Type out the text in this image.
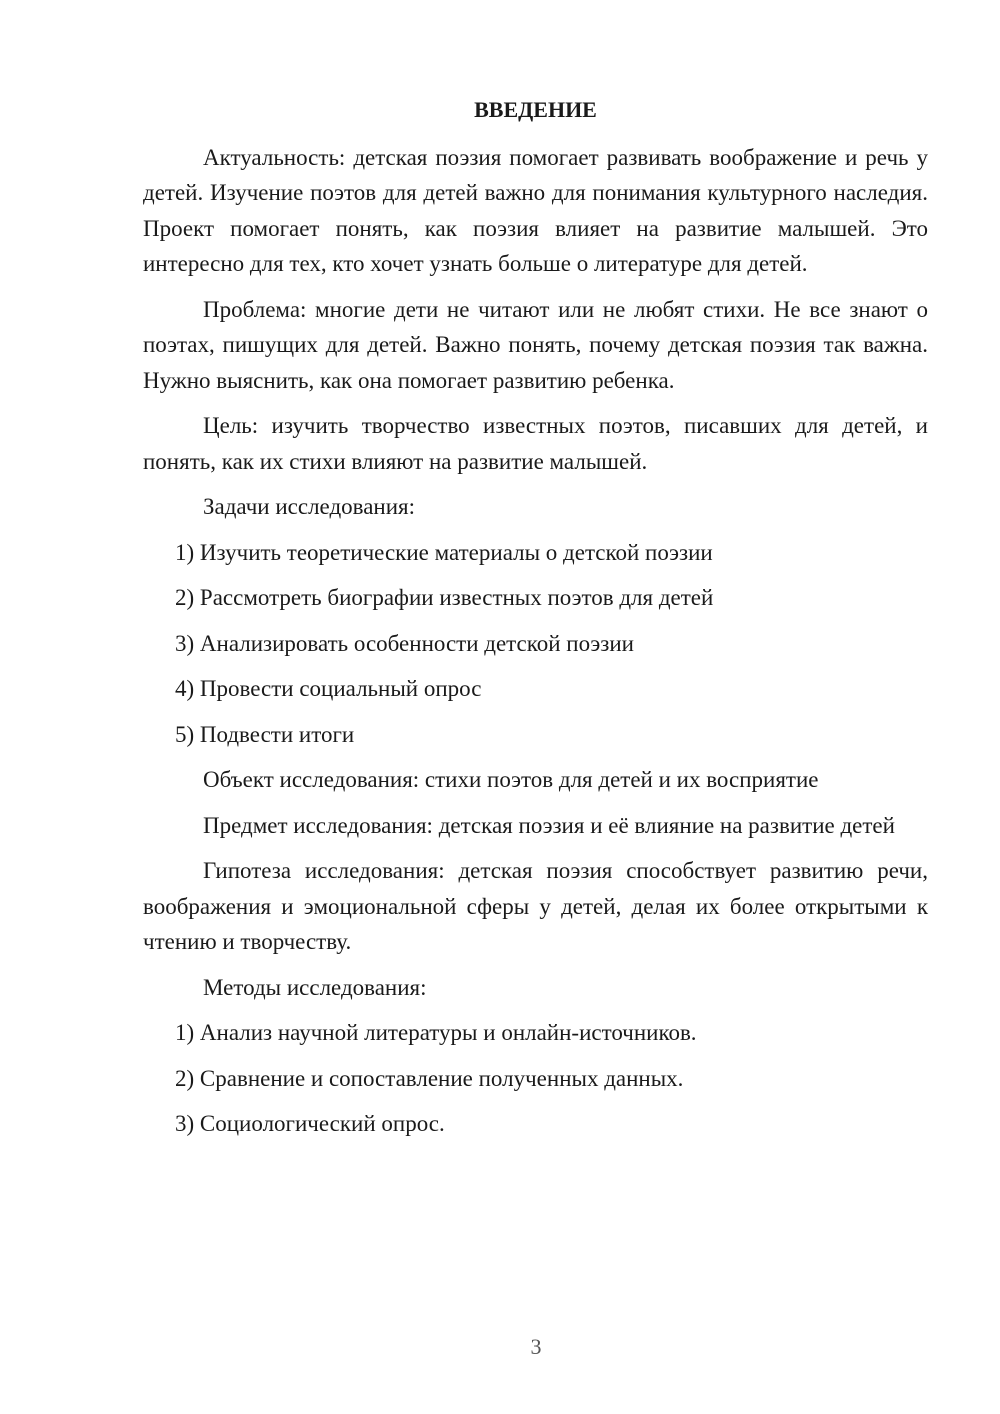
ВВЕДЕНИЕ

Актуальность: детская поэзия помогает развивать воображение и речь у детей. Изучение поэтов для детей важно для понимания культурного наследия. Проект помогает понять, как поэзия влияет на развитие малышей. Это интересно для тех, кто хочет узнать больше о литературе для детей.

Проблема: многие дети не читают или не любят стихи. Не все знают о поэтах, пишущих для детей. Важно понять, почему детская поэзия так важна. Нужно выяснить, как она помогает развитию ребенка.

Цель: изучить творчество известных поэтов, писавших для детей, и понять, как их стихи влияют на развитие малышей.

Задачи исследования:

1) Изучить теоретические материалы о детской поэзии
2) Рассмотреть биографии известных поэтов для детей
3) Анализировать особенности детской поэзии
4) Провести социальный опрос
5) Подвести итоги

Объект исследования: стихи поэтов для детей и их восприятие

Предмет исследования: детская поэзия и её влияние на развитие детей

Гипотеза исследования: детская поэзия способствует развитию речи, воображения и эмоциональной сферы у детей, делая их более открытыми к чтению и творчеству.

Методы исследования:

1) Анализ научной литературы и онлайн-источников.
2) Сравнение и сопоставление полученных данных.
3) Социологический опрос.
3
